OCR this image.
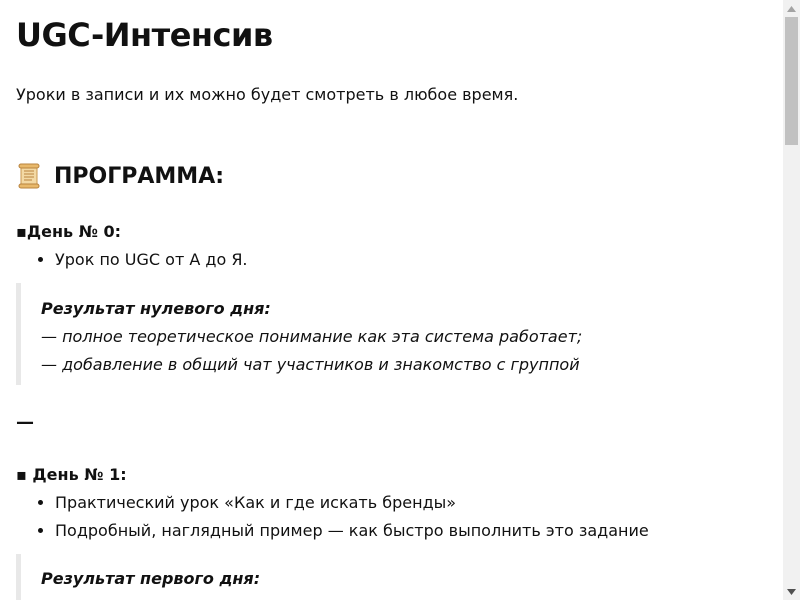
UGC-Интенсив
Уроки в записи и их можно будет смотреть в любое время.
ПРОГРАММА:
▪День № 0:
• Урок по UGC от А до Я.
Результат нулевого дня:
— полное теоретическое понимание как эта система работает;
— добавление в общий чат участников и знакомство с группой
—
▪ День № 1:
• Практический урок «Как и где искать бренды»
• Подробный, наглядный пример — как быстро выполнить это задание
Результат первого дня:
